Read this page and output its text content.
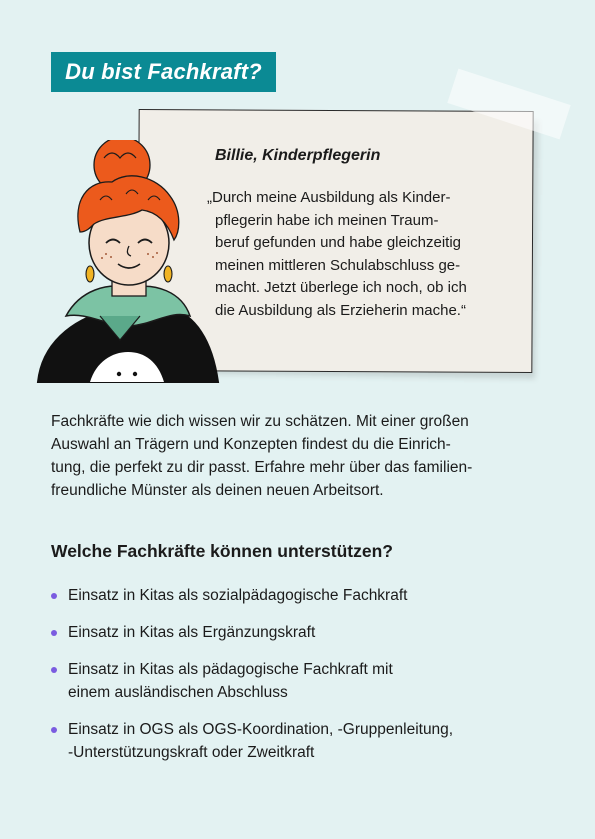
Du bist Fachkraft?
Billie, Kinderpflegerin
„Durch meine Ausbildung als Kinder-
pflegerin habe ich meinen Traum-
beruf gefunden und habe gleichzeitig
meinen mittleren Schulabschluss ge-
macht. Jetzt überlege ich noch, ob ich
die Ausbildung als Erzieherin mache.“
Fachkräfte wie dich wissen wir zu schätzen. Mit einer großen
Auswahl an Trägern und Konzepten findest du die Einrich-
tung, die perfekt zu dir passt. Erfahre mehr über das familien-
freundliche Münster als deinen neuen Arbeitsort.
Welche Fachkräfte können unterstützen?
Einsatz in Kitas als sozialpädagogische Fachkraft
Einsatz in Kitas als Ergänzungskraft
Einsatz in Kitas als pädagogische Fachkraft mit
einem ausländischen Abschluss
Einsatz in OGS als OGS-Koordination, -Gruppenleitung,
-Unterstützungskraft oder Zweitkraft
